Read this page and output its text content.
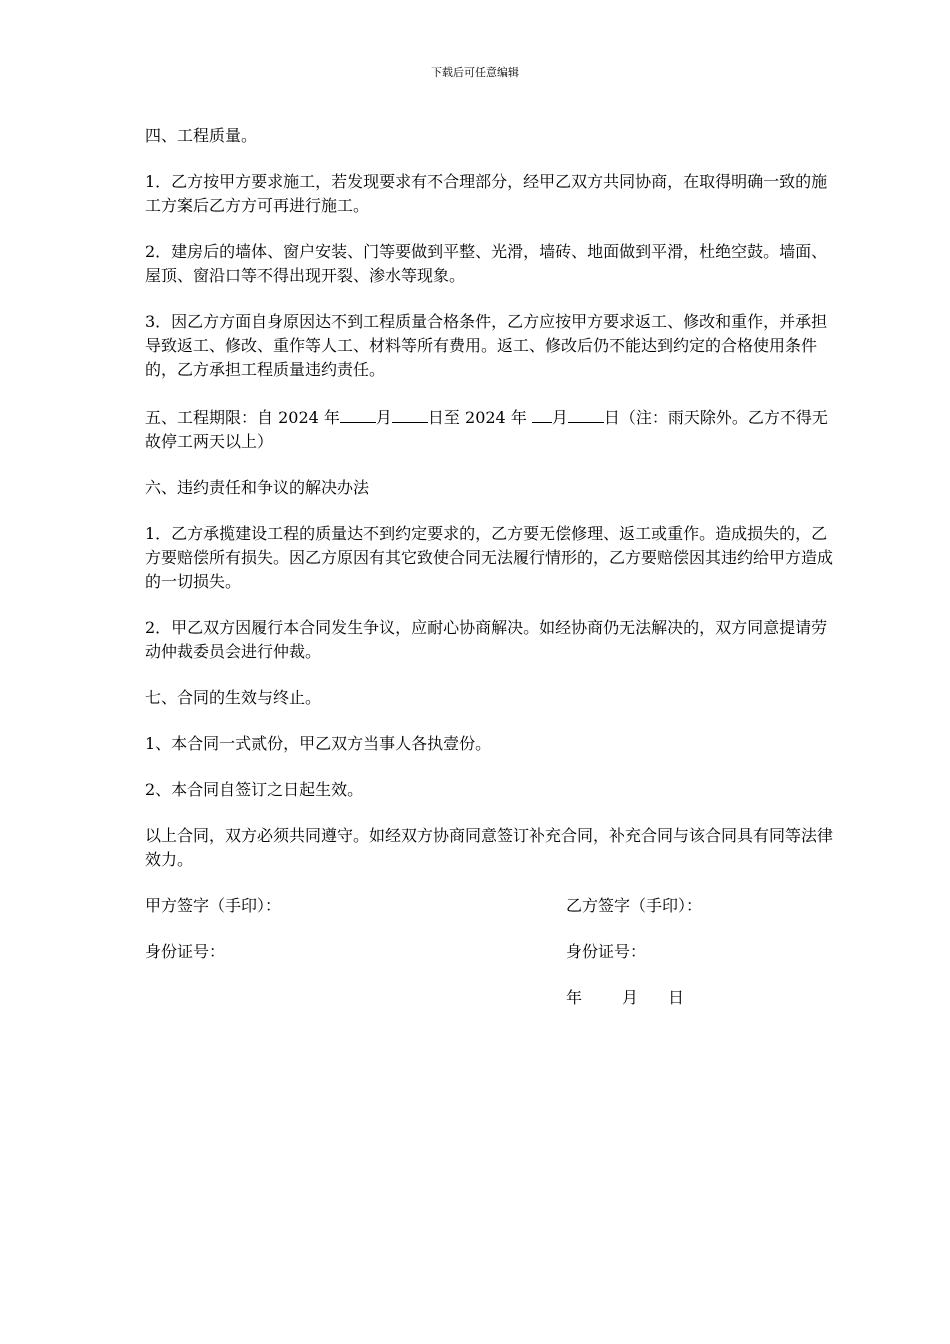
下载后可任意编辑

四、工程质量。

1．乙方按甲方要求施工，若发现要求有不合理部分，经甲乙双方共同协商，在取得明确一致的施工方案后乙方方可再进行施工。

2．建房后的墙体、窗户安装、门等要做到平整、光滑，墙砖、地面做到平滑，杜绝空鼓。墙面、屋顶、窗沿口等不得出现开裂、渗水等现象。

3．因乙方方面自身原因达不到工程质量合格条件，乙方应按甲方要求返工、修改和重作，并承担导致返工、修改、重作等人工、材料等所有费用。返工、修改后仍不能达到约定的合格使用条件的，乙方承担工程质量违约责任。

五、工程期限：自 2024 年 月 日至 2024 年 月 日（注：雨天除外。乙方不得无故停工两天以上）

六、违约责任和争议的解决办法

1．乙方承揽建设工程的质量达不到约定要求的，乙方要无偿修理、返工或重作。造成损失的，乙方要赔偿所有损失。因乙方原因有其它致使合同无法履行情形的，乙方要赔偿因其违约给甲方造成的一切损失。

2．甲乙双方因履行本合同发生争议，应耐心协商解决。如经协商仍无法解决的，双方同意提请劳动仲裁委员会进行仲裁。

七、合同的生效与终止。

1、本合同一式贰份，甲乙双方当事人各执壹份。

2、本合同自签订之日起生效。

以上合同，双方必须共同遵守。如经双方协商同意签订补充合同，补充合同与该合同具有同等法律效力。

甲方签字（手印）：	乙方签字（手印）：
身份证号：	身份证号：
年	月 日
